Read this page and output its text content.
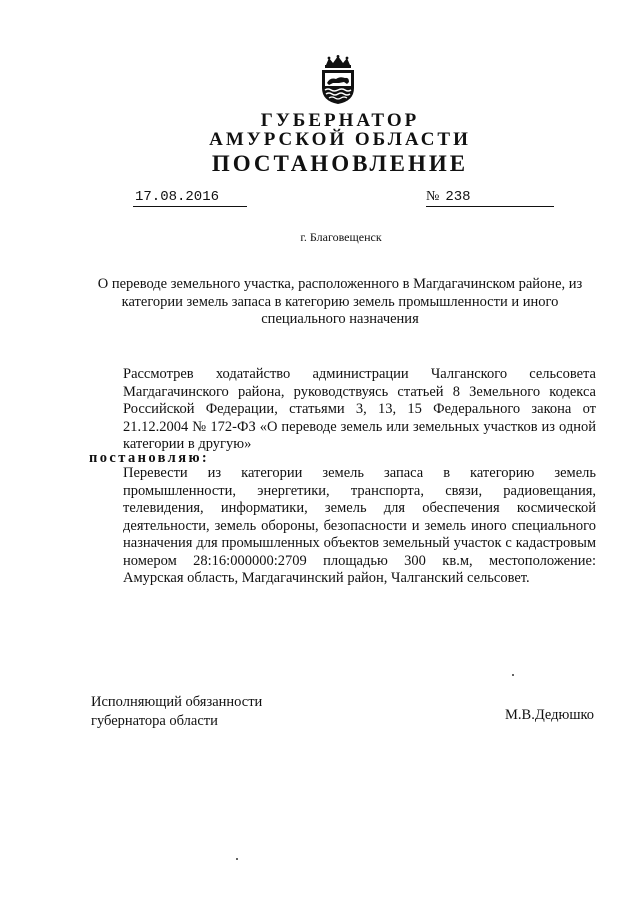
ГУБЕРНАТОР
АМУРСКОЙ ОБЛАСТИ
ПОСТАНОВЛЕНИЕ
17.08.2016	№ 238
г. Благовещенск
О переводе земельного участка, расположенного в Магдагачинском районе, из категории земель запаса в категорию земель промышленности и иного специального назначения
Рассмотрев ходатайство администрации Чалганского сельсовета Магдагачинского района, руководствуясь статьей 8 Земельного кодекса Российской Федерации, статьями 3, 13, 15 Федерального закона от 21.12.2004 № 172-ФЗ «О переводе земель или земельных участков из одной категории в другую»
постановляю:
Перевести из категории земель запаса в категорию земель промышленности, энергетики, транспорта, связи, радиовещания, телевидения, информатики, земель для обеспечения космической деятельности, земель обороны, безопасности и земель иного специального назначения для промышленных объектов земельный участок с кадастровым номером 28:16:000000:2709 площадью 300 кв.м, местоположение: Амурская область, Магдагачинский район, Чалганский сельсовет.
Исполняющий обязанности
губернатора области	М.В.Дедюшко
